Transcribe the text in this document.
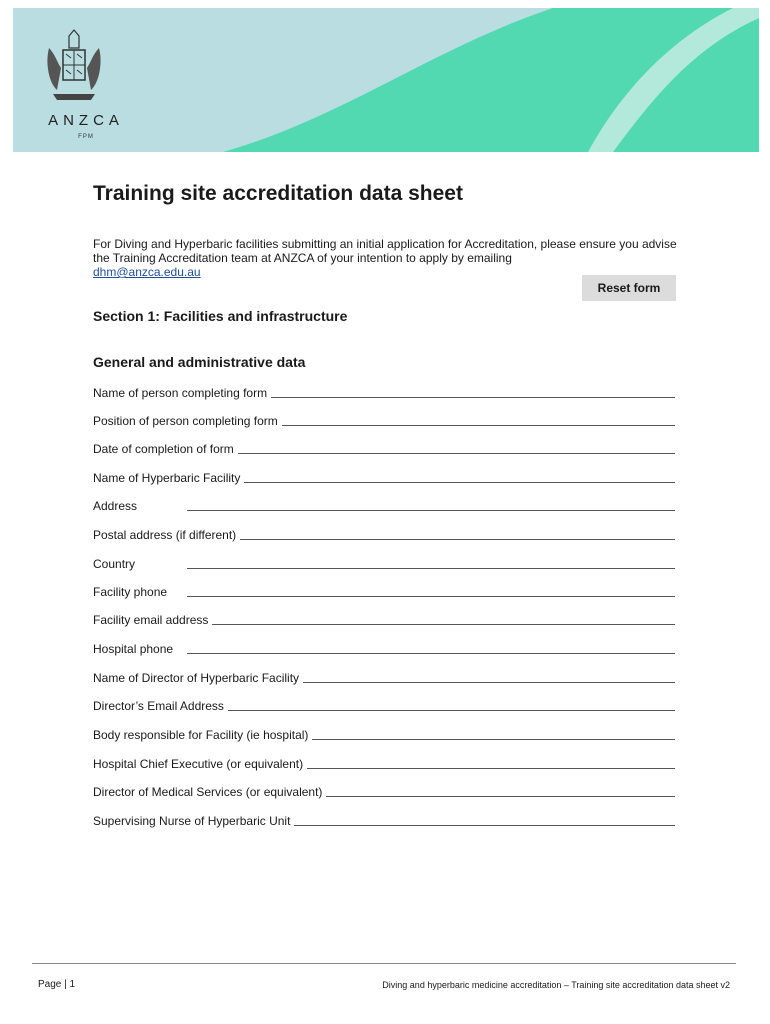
ANZCA
FPM
Training site accreditation data sheet
For Diving and Hyperbaric facilities submitting an initial application for Accreditation, please ensure you advise the Training Accreditation team at ANZCA of your intention to apply by emailing
dhm@anzca.edu.au
Reset form
Section 1: Facilities and infrastructure
General and administrative data
Name of person completing form
Position of person completing form
Date of completion of form
Name of Hyperbaric Facility
Address
Postal address (if different)
Country
Facility phone
Facility email address
Hospital phone
Name of Director of Hyperbaric Facility
Director’s Email Address
Body responsible for Facility (ie hospital)
Hospital Chief Executive (or equivalent)
Director of Medical Services (or equivalent)
Supervising Nurse of Hyperbaric Unit
Page | 1	Diving and hyperbaric medicine accreditation – Training site accreditation data sheet v2
